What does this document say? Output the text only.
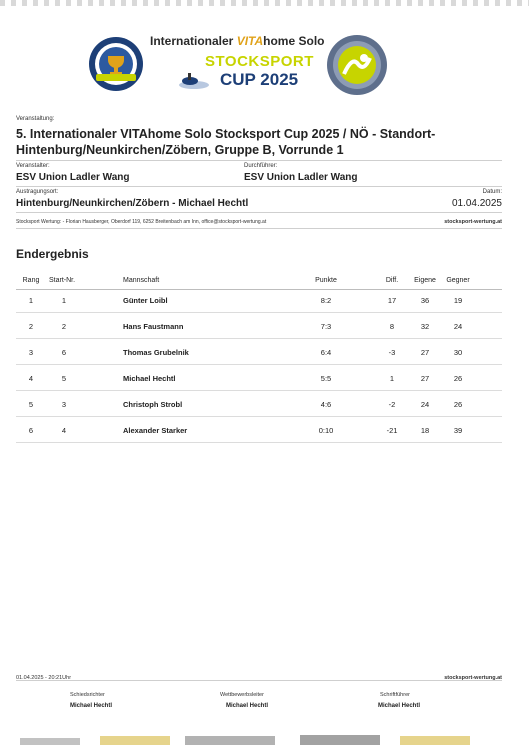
Internationaler VITAhome Solo
STOCKSPORT
CUP 2025
Veranstaltung:
5. Internationaler VITAhome Solo Stocksport Cup 2025 / NÖ - Standort-Hintenburg/Neunkirchen/Zöbern, Gruppe B, Vorrunde 1
Veranstalter:
ESV Union Ladler Wang
Durchführer:
ESV Union Ladler Wang
Austragungsort:
Hintenburg/Neunkirchen/Zöbern - Michael Hechtl
Datum:
01.04.2025
Stocksport Wertung: - Florian Hausberger, Oberdorf 119, 6252 Breitenbach am Inn, office@stocksport-wertung.at	stocksport-wertung.at
Endergebnis
Rang	Start-Nr.	Mannschaft	Punkte	Diff.	Eigene	Gegner
1	1	Günter Loibl	8:2	17	36	19
2	2	Hans Faustmann	7:3	8	32	24
3	6	Thomas Grubelnik	6:4	-3	27	30
4	5	Michael Hechtl	5:5	1	27	26
5	3	Christoph Strobl	4:6	-2	24	26
6	4	Alexander Starker	0:10	-21	18	39
01.04.2025 - 20:21Uhr	stocksport-wertung.at
Schiedsrichter
Michael Hechtl
Wettbewerbsleiter
Michael Hechtl
Schriftführer
Michael Hechtl
